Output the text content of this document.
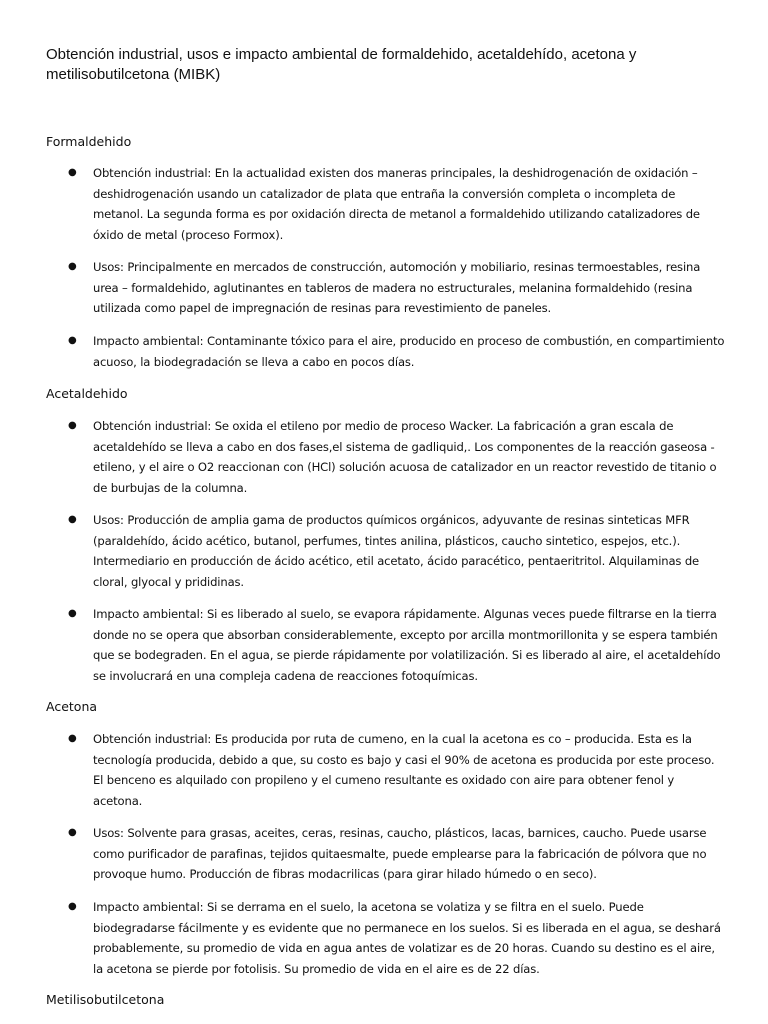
Obtención industrial, usos e impacto ambiental de formaldehido, acetaldehído, acetona y metilisobutilcetona (MIBK)
Formaldehido
● Obtención industrial: En la actualidad existen dos maneras principales, la deshidrogenación de oxidación – deshidrogenación usando un catalizador de plata que entraña la conversión completa o incompleta de metanol. La segunda forma es por oxidación directa de metanol a formaldehido utilizando catalizadores de óxido de metal (proceso Formox).

● Usos: Principalmente en mercados de construcción, automoción y mobiliario, resinas termoestables, resina urea – formaldehido, aglutinantes en tableros de madera no estructurales, melanina formaldehido (resina utilizada como papel de impregnación de resinas para revestimiento de paneles.

● Impacto ambiental: Contaminante tóxico para el aire, producido en proceso de combustión, en compartimiento acuoso, la biodegradación se lleva a cabo en pocos días.

Acetaldehido
● Obtención industrial: Se oxida el etileno por medio de proceso Wacker. La fabricación a gran escala de acetaldehído se lleva a cabo en dos fases,el sistema de gadliquid,. Los componentes de la reacción gaseosa - etileno, y el aire o O2 reaccionan con (HCl) solución acuosa de catalizador en un reactor revestido de titanio o de burbujas de la columna.

● Usos: Producción de amplia gama de productos químicos orgánicos, adyuvante de resinas sinteticas MFR (paraldehído, ácido acético, butanol, perfumes, tintes anilina, plásticos, caucho sintetico, espejos, etc.). Intermediario en producción de ácido acético, etil acetato, ácido paracético, pentaeritritol. Alquilaminas de cloral, glyocal y prididinas.

● Impacto ambiental: Si es liberado al suelo, se evapora rápidamente. Algunas veces puede filtrarse en la tierra donde no se opera que absorban considerablemente, excepto por arcilla montmorillonita y se espera también que se bodegraden. En el agua, se pierde rápidamente por volatilización. Si es liberado al aire, el acetaldehído se involucrará en una compleja cadena de reacciones fotoquímicas.

Acetona
● Obtención industrial: Es producida por ruta de cumeno, en la cual la acetona es co – producida. Esta es la tecnología producida, debido a que, su costo es bajo y casi el 90% de acetona es producida por este proceso. El benceno es alquilado con propileno y el cumeno resultante es oxidado con aire para obtener fenol y acetona.

● Usos: Solvente para grasas, aceites, ceras, resinas, caucho, plásticos, lacas, barnices, caucho. Puede usarse como purificador de parafinas, tejidos quitaesmalte, puede emplearse para la fabricación de pólvora que no provoque humo. Producción de fibras modacrilicas (para girar hilado húmedo o en seco).

● Impacto ambiental: Si se derrama en el suelo, la acetona se volatiza y se filtra en el suelo. Puede biodegradarse fácilmente y es evidente que no permanece en los suelos. Si es liberada en el agua, se deshará probablemente, su promedio de vida en agua antes de volatizar es de 20 horas. Cuando su destino es el aire, la acetona se pierde por fotolisis. Su promedio de vida en el aire es de 22 días.

Metilisobutilcetona
